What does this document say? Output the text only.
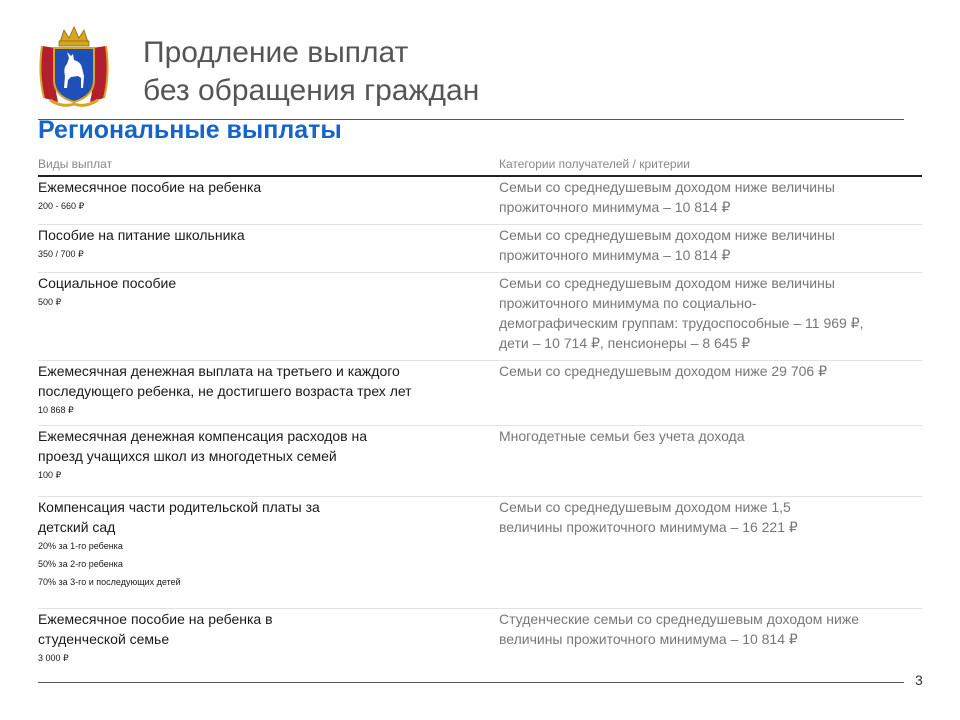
Продление выплат
без обращения граждан
Региональные выплаты
Виды выплат	Категории получателей / критерии
Ежемесячное пособие на ребенка
200 - 660 ₽
Семьи со среднедушевым доходом ниже величины
прожиточного минимума – 10 814 ₽
Пособие на питание школьника
350 / 700 ₽
Семьи со среднедушевым доходом ниже величины
прожиточного минимума – 10 814 ₽
Социальное пособие
500 ₽
Семьи со среднедушевым доходом ниже величины
прожиточного минимума по социально-
демографическим группам: трудоспособные – 11 969 ₽,
дети – 10 714 ₽, пенсионеры – 8 645 ₽
Ежемесячная денежная выплата на третьего и каждого
последующего ребенка, не достигшего возраста трех лет
10 868 ₽
Семьи со среднедушевым доходом ниже 29 706 ₽
Ежемесячная денежная компенсация расходов на
проезд учащихся школ из многодетных семей
100 ₽
Многодетные семьи без учета дохода
Компенсация части родительской платы за
детский сад
20% за 1-го ребенка
50% за 2-го ребенка
70% за 3-го и последующих детей
Семьи со среднедушевым доходом ниже 1,5
величины прожиточного минимума – 16 221 ₽
Ежемесячное пособие на ребенка в
студенческой семье
3 000 ₽
Студенческие семьи со среднедушевым доходом ниже
величины прожиточного минимума – 10 814 ₽
3
